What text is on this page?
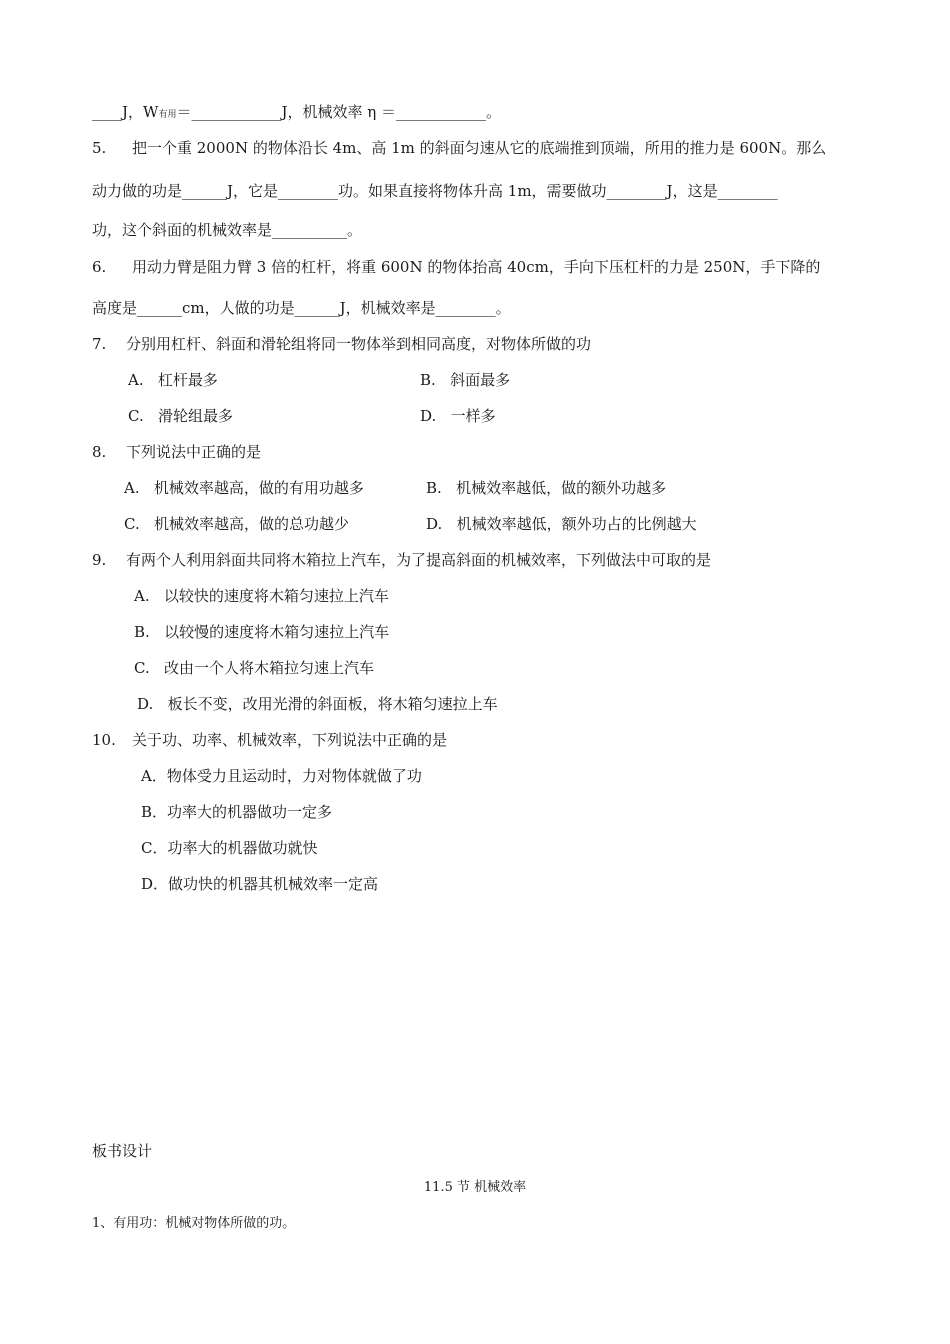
____J，W有用＝____________J，机械效率 η ＝____________。
5. 把一个重 2000N 的物体沿长 4m、高 1m 的斜面匀速从它的底端推到顶端，所用的推力是 600N。那么
动力做的功是______J，它是________功。如果直接将物体升高 1m，需要做功________J，这是________
功，这个斜面的机械效率是__________。
6. 用动力臂是阻力臂 3 倍的杠杆，将重 600N 的物体抬高 40cm，手向下压杠杆的力是 250N，手下降的
高度是______cm，人做的功是______J，机械效率是________。
7. 分别用杠杆、斜面和滑轮组将同一物体举到相同高度，对物体所做的功
A.   杠杆最多	B.   斜面最多
C.   滑轮组最多	D.   一样多
8. 下列说法中正确的是
A.   机械效率越高，做的有用功越多	B.   机械效率越低，做的额外功越多
C.   机械效率越高，做的总功越少	D.   机械效率越低，额外功占的比例越大
9. 有两个人利用斜面共同将木箱拉上汽车，为了提高斜面的机械效率，下列做法中可取的是
A.   以较快的速度将木箱匀速拉上汽车
B.   以较慢的速度将木箱匀速拉上汽车
C.   改由一个人将木箱拉匀速上汽车
D.   板长不变，改用光滑的斜面板，将木箱匀速拉上车
10. 关于功、功率、机械效率，下列说法中正确的是
A．物体受力且运动时，力对物体就做了功
B．功率大的机器做功一定多
C．功率大的机器做功就快
D．做功快的机器其机械效率一定高
板书设计
11.5 节 机械效率
1、有用功：机械对物体所做的功。
